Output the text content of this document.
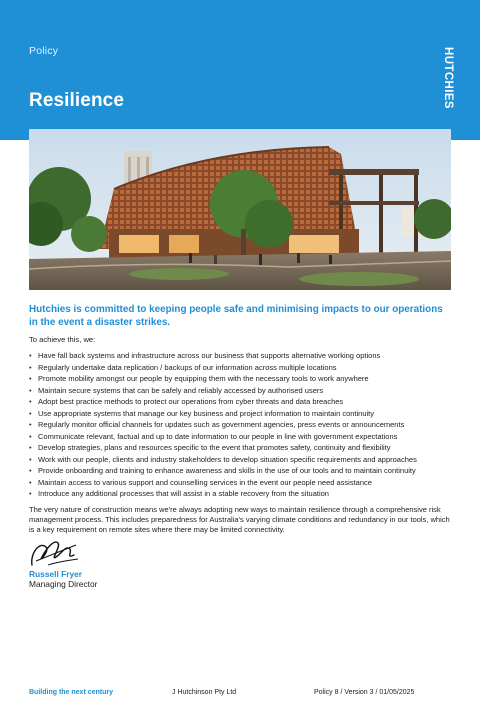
Policy
Resilience	HUTCHIES
Hutchies is committed to keeping people safe and minimising impacts to our operations in the event a disaster strikes.
To achieve this, we:
• Have fall back systems and infrastructure across our business that supports alternative working options
• Regularly undertake data replication / backups of our information across multiple locations
• Promote mobility amongst our people by equipping them with the necessary tools to work anywhere
• Maintain secure systems that can be safely and reliably accessed by authorised users
• Adopt best practice methods to protect our operations from cyber threats and data breaches
• Use appropriate systems that manage our key business and project information to maintain continuity
• Regularly monitor official channels for updates such as government agencies, press events or announcements
• Communicate relevant, factual and up to date information to our people in line with government expectations
• Develop strategies, plans and resources specific to the event that promotes safety, continuity and flexibility
• Work with our people, clients and industry stakeholders to develop situation specific requirements and approaches
• Provide onboarding and training to enhance awareness and skills in the use of our tools and to maintain continuity
• Maintain access to various support and counselling services in the event our people need assistance
• Introduce any additional processes that will assist in a stable recovery from the situation
The very nature of construction means we're always adopting new ways to maintain resilience through a comprehensive risk management process. This includes preparedness for Australia's varying climate conditions and redundancy in our tools, which is a key requirement on remote sites where there may be limited connectivity.
Russell Fryer
Managing Director
Building the next century	J Hutchinson Pty Ltd	Policy 8 / Version 3 / 01/05/2025
